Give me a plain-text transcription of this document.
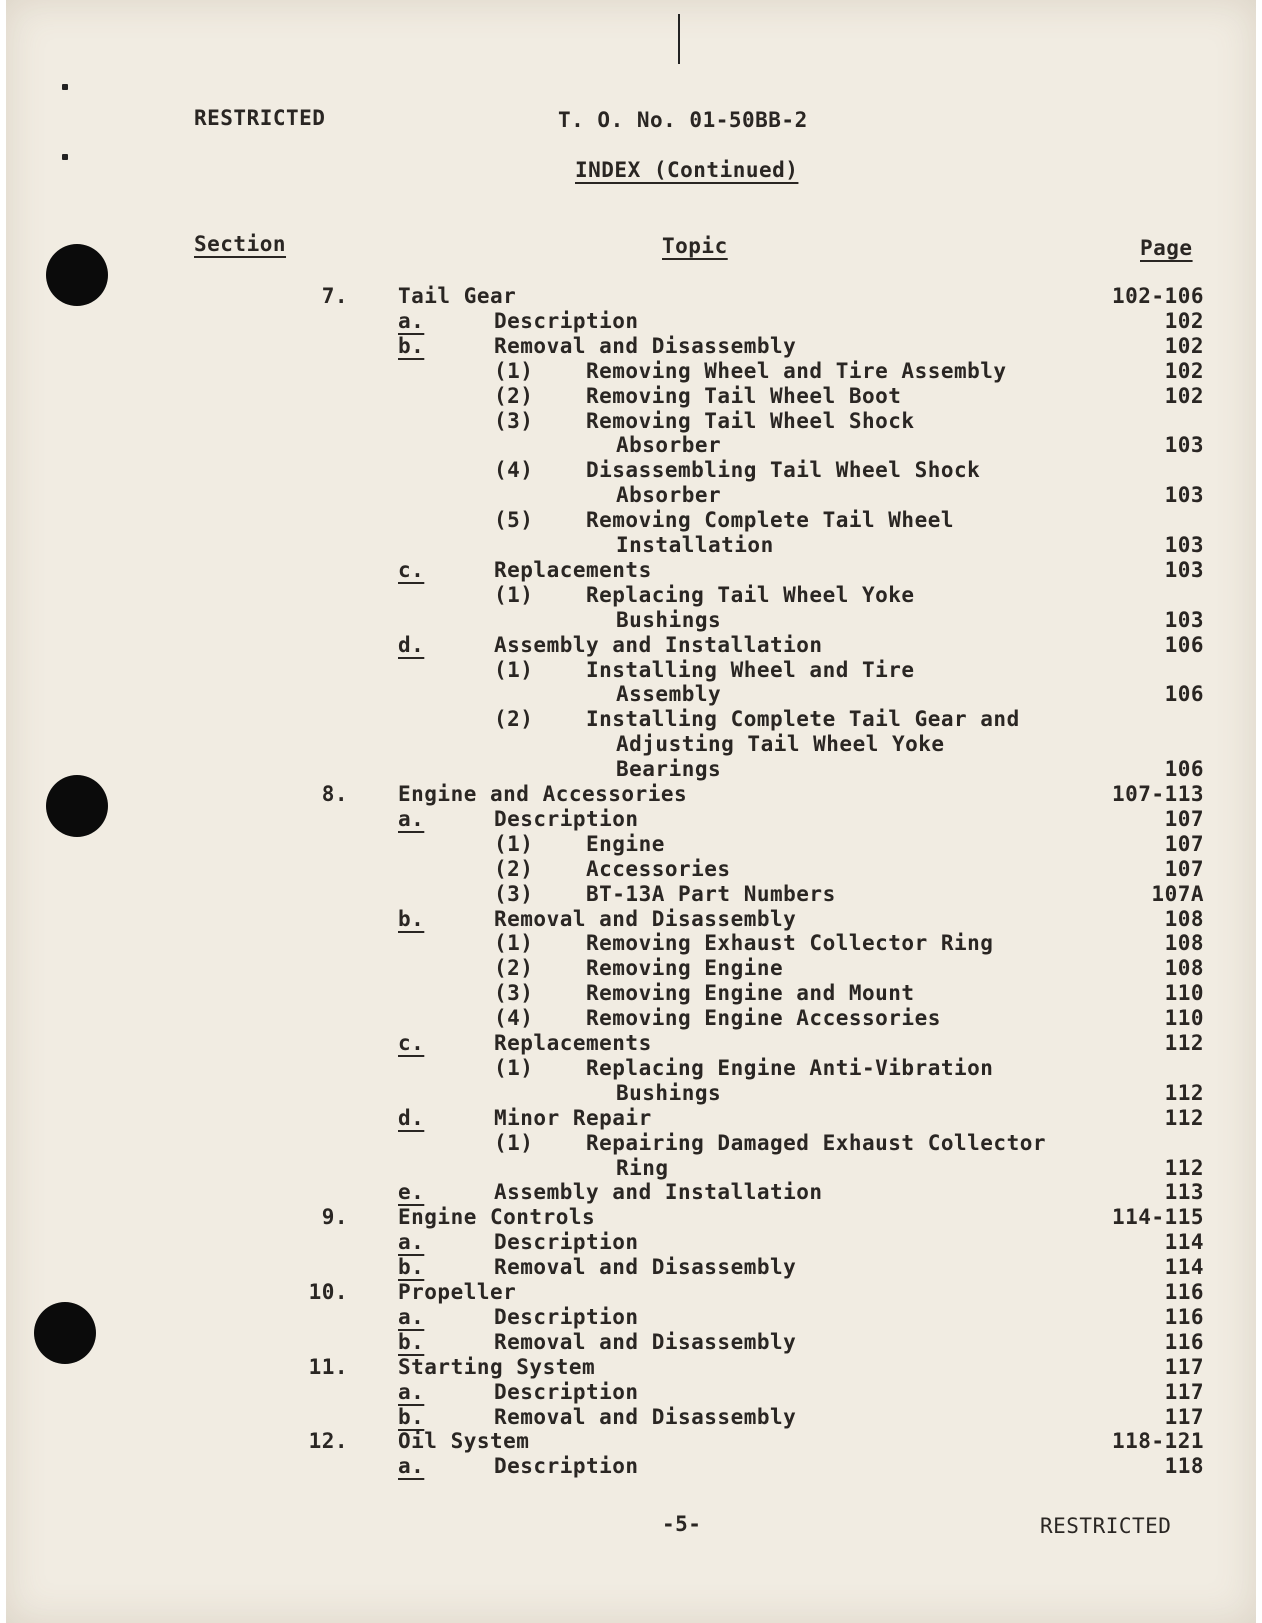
RESTRICTED	T. O. No. 01-50BB-2
INDEX (Continued)
Section	Topic	Page
7. Tail Gear	102-106
a.	Description	102
b.	Removal and Disassembly	102
(1)	Removing Wheel and Tire Assembly	102
(2)	Removing Tail Wheel Boot	102
(3)	Removing Tail Wheel Shock
Absorber	103
(4)	Disassembling Tail Wheel Shock
Absorber	103
(5)	Removing Complete Tail Wheel
Installation	103
c.	Replacements	103
(1)	Replacing Tail Wheel Yoke
Bushings	103
d.	Assembly and Installation	106
(1)	Installing Wheel and Tire
Assembly	106
(2)	Installing Complete Tail Gear and
Adjusting Tail Wheel Yoke
Bearings	106
8. Engine and Accessories	107-113
a.	Description	107
(1)	Engine	107
(2)	Accessories	107
(3)	BT-13A Part Numbers	107A
b.	Removal and Disassembly	108
(1)	Removing Exhaust Collector Ring	108
(2)	Removing Engine	108
(3)	Removing Engine and Mount	110
(4)	Removing Engine Accessories	110
c.	Replacements	112
(1)	Replacing Engine Anti-Vibration
Bushings	112
d.	Minor Repair	112
(1)	Repairing Damaged Exhaust Collector
Ring	112
e.	Assembly and Installation	113
9. Engine Controls	114-115
a.	Description	114
b.	Removal and Disassembly	114
10. Propeller	116
a.	Description	116
b.	Removal and Disassembly	116
11. Starting System	117
a.	Description	117
b.	Removal and Disassembly	117
12. Oil System	118-121
a.	Description	118
-5-	RESTRICTED
